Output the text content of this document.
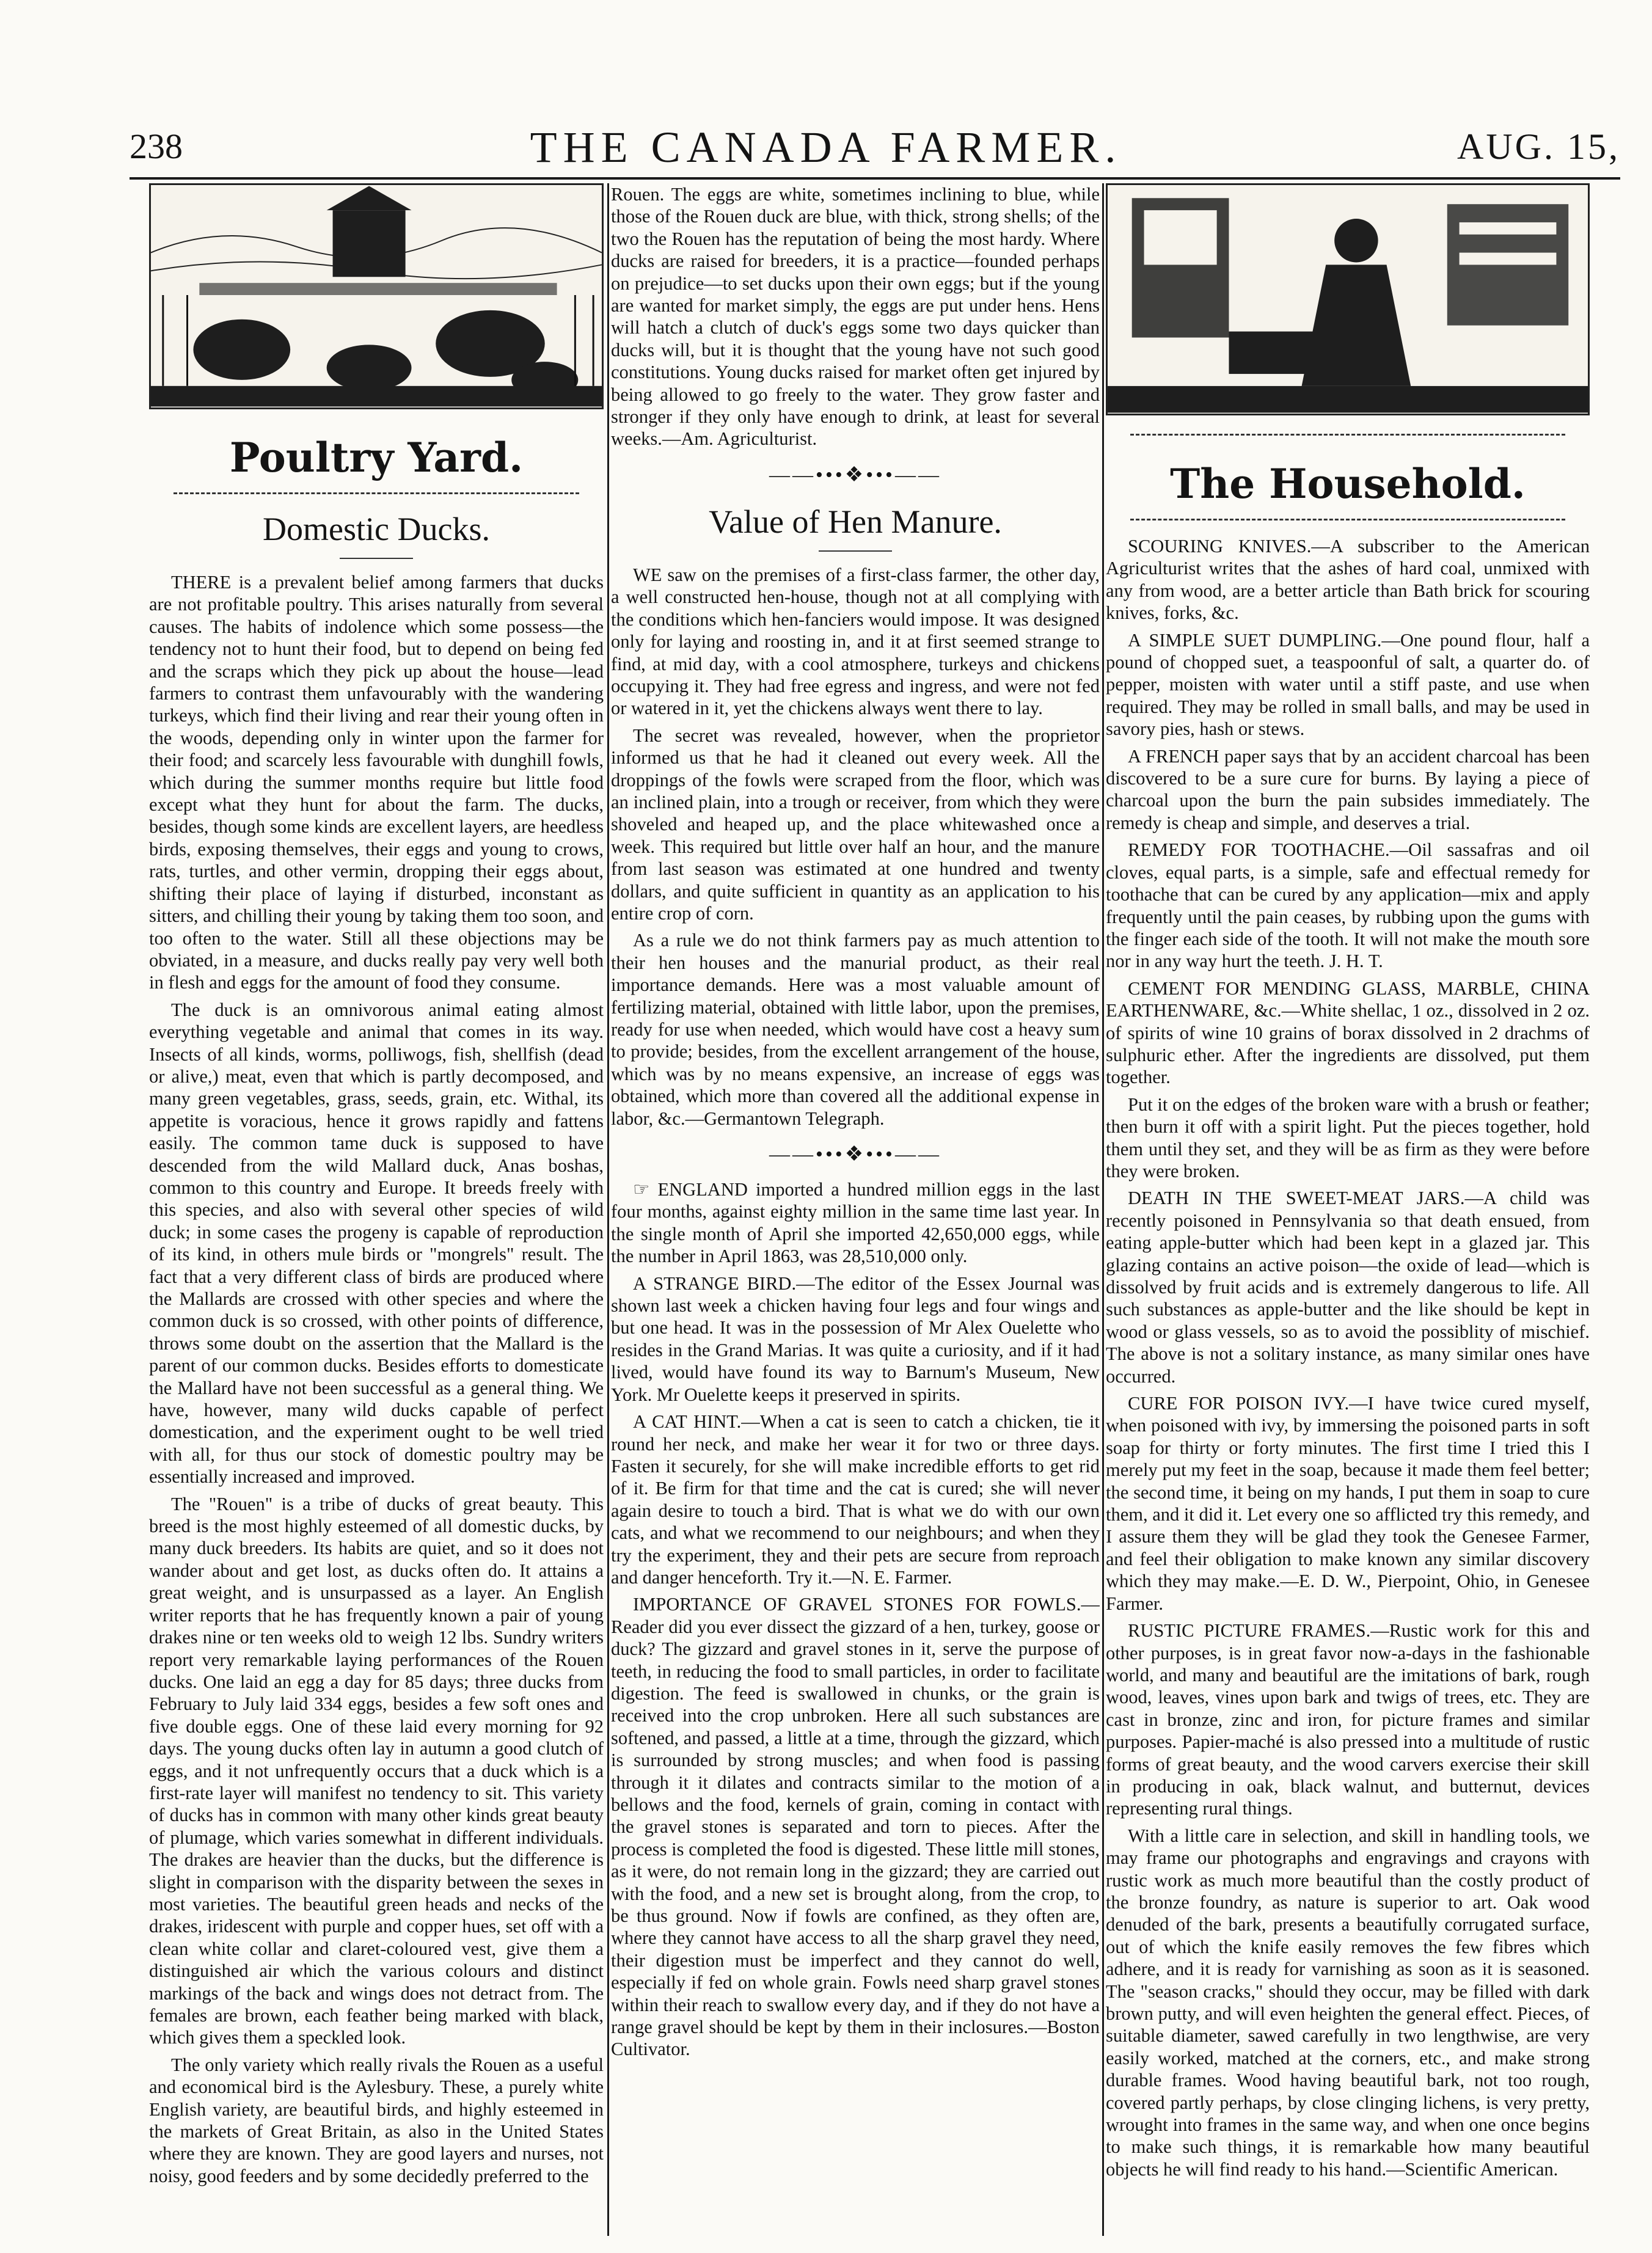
238	THE CANADA FARMER.	AUG. 15,
Poultry Yard.
Domestic Ducks.

THERE is a prevalent belief among farmers that ducks are not profitable poultry. This arises naturally from several causes. The habits of indolence which some possess—the tendency not to hunt their food, but to depend on being fed and the scraps which they pick up about the house—lead farmers to contrast them unfavourably with the wandering turkeys, which find their living and rear their young often in the woods, depending only in winter upon the farmer for their food; and scarcely less favourable with dunghill fowls, which during the summer months require but little food except what they hunt for about the farm. The ducks, besides, though some kinds are excellent layers, are heedless birds, exposing themselves, their eggs and young to crows, rats, turtles, and other vermin, dropping their eggs about, shifting their place of laying if disturbed, inconstant as sitters, and chilling their young by taking them too soon, and too often to the water. Still all these objections may be obviated, in a measure, and ducks really pay very well both in flesh and eggs for the amount of food they consume.

The duck is an omnivorous animal eating almost everything vegetable and animal that comes in its way. Insects of all kinds, worms, polliwogs, fish, shellfish (dead or alive,) meat, even that which is partly decomposed, and many green vegetables, grass, seeds, grain, etc. Withal, its appetite is voracious, hence it grows rapidly and fattens easily. The common tame duck is supposed to have descended from the wild Mallard duck, Anas boshas, common to this country and Europe. It breeds freely with this species, and also with several other species of wild duck; in some cases the progeny is capable of reproduction of its kind, in others mule birds or "mongrels" result. The fact that a very different class of birds are produced where the Mallards are crossed with other species and where the common duck is so crossed, with other points of difference, throws some doubt on the assertion that the Mallard is the parent of our common ducks. Besides efforts to domesticate the Mallard have not been successful as a general thing. We have, however, many wild ducks capable of perfect domestication, and the experiment ought to be well tried with all, for thus our stock of domestic poultry may be essentially increased and improved.

The "Rouen" is a tribe of ducks of great beauty. This breed is the most highly esteemed of all domestic ducks, by many duck breeders. Its habits are quiet, and so it does not wander about and get lost, as ducks often do. It attains a great weight, and is unsurpassed as a layer. An English writer reports that he has frequently known a pair of young drakes nine or ten weeks old to weigh 12 lbs. Sundry writers report very remarkable laying performances of the Rouen ducks. One laid an egg a day for 85 days; three ducks from February to July laid 334 eggs, besides a few soft ones and five double eggs. One of these laid every morning for 92 days. The young ducks often lay in autumn a good clutch of eggs, and it not unfrequently occurs that a duck which is a first-rate layer will manifest no tendency to sit. This variety of ducks has in common with many other kinds great beauty of plumage, which varies somewhat in different individuals. The drakes are heavier than the ducks, but the difference is slight in comparison with the disparity between the sexes in most varieties. The beautiful green heads and necks of the drakes, iridescent with purple and copper hues, set off with a clean white collar and claret-coloured vest, give them a distinguished air which the various colours and distinct markings of the back and wings does not detract from. The females are brown, each feather being marked with black, which gives them a speckled look.

The only variety which really rivals the Rouen as a useful and economical bird is the Aylesbury. These, a purely white English variety, are beautiful birds, and highly esteemed in the markets of Great Britain, as also in the United States where they are known. They are good layers and nurses, not noisy, good feeders and by some decidedly preferred to the

Rouen. The eggs are white, sometimes inclining to blue, while those of the Rouen duck are blue, with thick, strong shells; of the two the Rouen has the reputation of being the most hardy. Where ducks are raised for breeders, it is a practice—founded perhaps on prejudice—to set ducks upon their own eggs; but if the young are wanted for market simply, the eggs are put under hens. Hens will hatch a clutch of duck's eggs some two days quicker than ducks will, but it is thought that the young have not such good constitutions. Young ducks raised for market often get injured by being allowed to go freely to the water. They grow faster and stronger if they only have enough to drink, at least for several weeks.—Am. Agriculturist.

——•••❖•••——
Value of Hen Manure.

WE saw on the premises of a first-class farmer, the other day, a well constructed hen-house, though not at all complying with the conditions which hen-fanciers would impose. It was designed only for laying and roosting in, and it at first seemed strange to find, at mid day, with a cool atmosphere, turkeys and chickens occupying it. They had free egress and ingress, and were not fed or watered in it, yet the chickens always went there to lay.

The secret was revealed, however, when the proprietor informed us that he had it cleaned out every week. All the droppings of the fowls were scraped from the floor, which was an inclined plain, into a trough or receiver, from which they were shoveled and heaped up, and the place whitewashed once a week. This required but little over half an hour, and the manure from last season was estimated at one hundred and twenty dollars, and quite sufficient in quantity as an application to his entire crop of corn.

As a rule we do not think farmers pay as much attention to their hen houses and the manurial product, as their real importance demands. Here was a most valuable amount of fertilizing material, obtained with little labor, upon the premises, ready for use when needed, which would have cost a heavy sum to provide; besides, from the excellent arrangement of the house, which was by no means expensive, an increase of eggs was obtained, which more than covered all the additional expense in labor, &c.—Germantown Telegraph.

——•••❖•••——

☞ ENGLAND imported a hundred million eggs in the last four months, against eighty million in the same time last year. In the single month of April she imported 42,650,000 eggs, while the number in April 1863, was 28,510,000 only.

A STRANGE BIRD.—The editor of the Essex Journal was shown last week a chicken having four legs and four wings and but one head. It was in the possession of Mr Alex Ouelette who resides in the Grand Marias. It was quite a curiosity, and if it had lived, would have found its way to Barnum's Museum, New York. Mr Ouelette keeps it preserved in spirits.

A CAT HINT.—When a cat is seen to catch a chicken, tie it round her neck, and make her wear it for two or three days. Fasten it securely, for she will make incredible efforts to get rid of it. Be firm for that time and the cat is cured; she will never again desire to touch a bird. That is what we do with our own cats, and what we recommend to our neighbours; and when they try the experiment, they and their pets are secure from reproach and danger henceforth. Try it.—N. E. Farmer.

IMPORTANCE OF GRAVEL STONES FOR FOWLS.—Reader did you ever dissect the gizzard of a hen, turkey, goose or duck? The gizzard and gravel stones in it, serve the purpose of teeth, in reducing the food to small particles, in order to facilitate digestion. The feed is swallowed in chunks, or the grain is received into the crop unbroken. Here all such substances are softened, and passed, a little at a time, through the gizzard, which is surrounded by strong muscles; and when food is passing through it it dilates and contracts similar to the motion of a bellows and the food, kernels of grain, coming in contact with the gravel stones is separated and torn to pieces. After the process is completed the food is digested. These little mill stones, as it were, do not remain long in the gizzard; they are carried out with the food, and a new set is brought along, from the crop, to be thus ground. Now if fowls are confined, as they often are, where they cannot have access to all the sharp gravel they need, their digestion must be imperfect and they cannot do well, especially if fed on whole grain. Fowls need sharp gravel stones within their reach to swallow every day, and if they do not have a range gravel should be kept by them in their inclosures.—Boston Cultivator.

The Household.

SCOURING KNIVES.—A subscriber to the American Agriculturist writes that the ashes of hard coal, unmixed with any from wood, are a better article than Bath brick for scouring knives, forks, &c.

A SIMPLE SUET DUMPLING.—One pound flour, half a pound of chopped suet, a teaspoonful of salt, a quarter do. of pepper, moisten with water until a stiff paste, and use when required. They may be rolled in small balls, and may be used in savory pies, hash or stews.

A FRENCH paper says that by an accident charcoal has been discovered to be a sure cure for burns. By laying a piece of charcoal upon the burn the pain subsides immediately. The remedy is cheap and simple, and deserves a trial.

REMEDY FOR TOOTHACHE.—Oil sassafras and oil cloves, equal parts, is a simple, safe and effectual remedy for toothache that can be cured by any application—mix and apply frequently until the pain ceases, by rubbing upon the gums with the finger each side of the tooth. It will not make the mouth sore nor in any way hurt the teeth. J. H. T.

CEMENT FOR MENDING GLASS, MARBLE, CHINA EARTHENWARE, &c.—White shellac, 1 oz., dissolved in 2 oz. of spirits of wine 10 grains of borax dissolved in 2 drachms of sulphuric ether. After the ingredients are dissolved, put them together.

Put it on the edges of the broken ware with a brush or feather; then burn it off with a spirit light. Put the pieces together, hold them until they set, and they will be as firm as they were before they were broken.

DEATH IN THE SWEET-MEAT JARS.—A child was recently poisoned in Pennsylvania so that death ensued, from eating apple-butter which had been kept in a glazed jar. This glazing contains an active poison—the oxide of lead—which is dissolved by fruit acids and is extremely dangerous to life. All such substances as apple-butter and the like should be kept in wood or glass vessels, so as to avoid the possiblity of mischief. The above is not a solitary instance, as many similar ones have occurred.

CURE FOR POISON IVY.—I have twice cured myself, when poisoned with ivy, by immersing the poisoned parts in soft soap for thirty or forty minutes. The first time I tried this I merely put my feet in the soap, because it made them feel better; the second time, it being on my hands, I put them in soap to cure them, and it did it. Let every one so afflicted try this remedy, and I assure them they will be glad they took the Genesee Farmer, and feel their obligation to make known any similar discovery which they may make.—E. D. W., Pierpoint, Ohio, in Genesee Farmer.

RUSTIC PICTURE FRAMES.—Rustic work for this and other purposes, is in great favor now-a-days in the fashionable world, and many and beautiful are the imitations of bark, rough wood, leaves, vines upon bark and twigs of trees, etc. They are cast in bronze, zinc and iron, for picture frames and similar purposes. Papier-maché is also pressed into a multitude of rustic forms of great beauty, and the wood carvers exercise their skill in producing in oak, black walnut, and butternut, devices representing rural things.

With a little care in selection, and skill in handling tools, we may frame our photographs and engravings and crayons with rustic work as much more beautiful than the costly product of the bronze foundry, as nature is superior to art. Oak wood denuded of the bark, presents a beautifully corrugated surface, out of which the knife easily removes the few fibres which adhere, and it is ready for varnishing as soon as it is seasoned. The "season cracks," should they occur, may be filled with dark brown putty, and will even heighten the general effect. Pieces, of suitable diameter, sawed carefully in two lengthwise, are very easily worked, matched at the corners, etc., and make strong durable frames. Wood having beautiful bark, not too rough, covered partly perhaps, by close clinging lichens, is very pretty, wrought into frames in the same way, and when one once begins to make such things, it is remarkable how many beautiful objects he will find ready to his hand.—Scientific American.
